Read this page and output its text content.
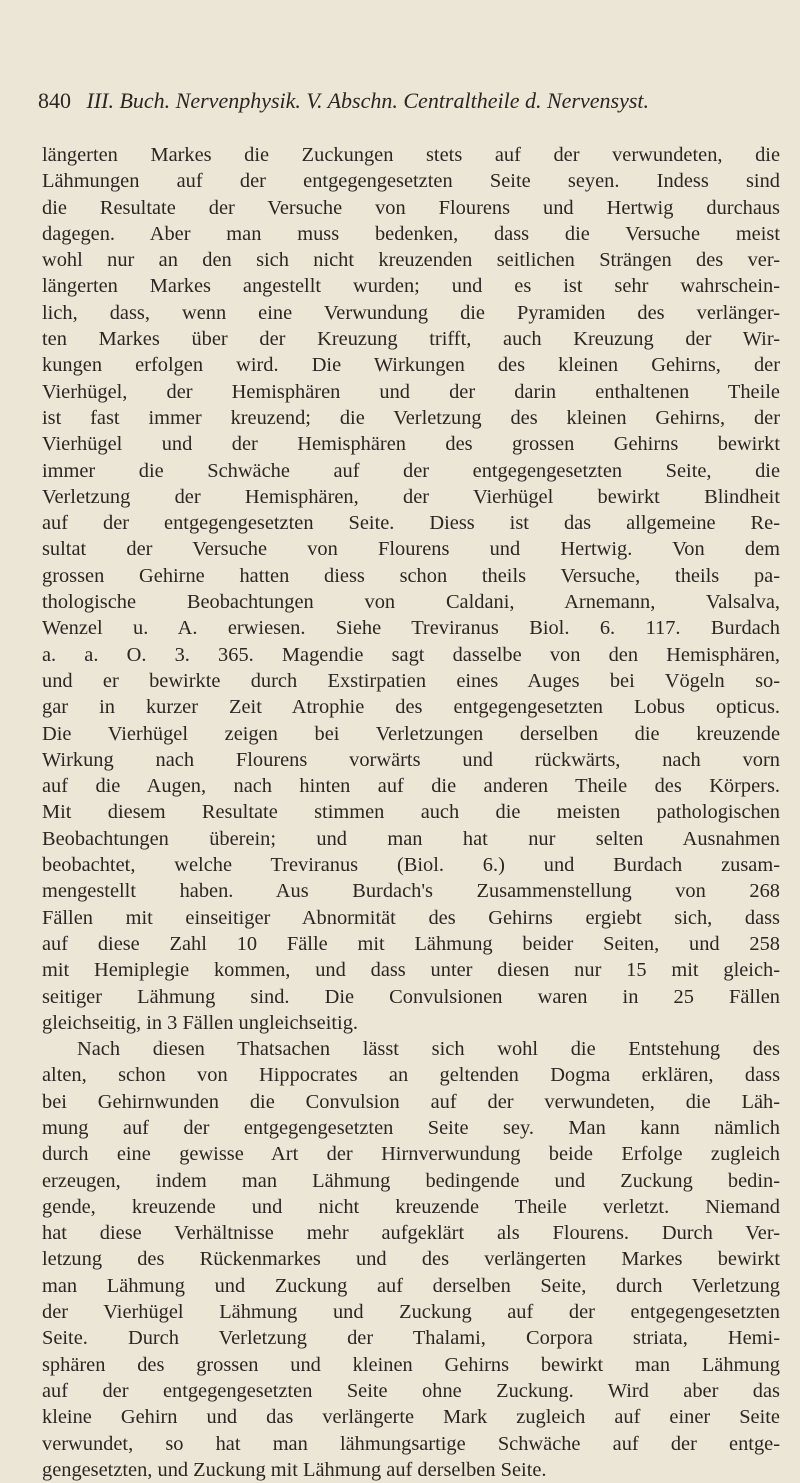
840 III. Buch. Nervenphysik. V. Abschn. Centraltheile d. Nervensyst.
längerten Markes die Zuckungen stets auf der verwundeten, die
Lähmungen auf der entgegengesetzten Seite seyen. Indess sind
die Resultate der Versuche von Flourens und Hertwig durchaus
dagegen. Aber man muss bedenken, dass die Versuche meist
wohl nur an den sich nicht kreuzenden seitlichen Strängen des ver-
längerten Markes angestellt wurden; und es ist sehr wahrschein-
lich, dass, wenn eine Verwundung die Pyramiden des verlänger-
ten Markes über der Kreuzung trifft, auch Kreuzung der Wir-
kungen erfolgen wird. Die Wirkungen des kleinen Gehirns, der
Vierhügel, der Hemisphären und der darin enthaltenen Theile
ist fast immer kreuzend; die Verletzung des kleinen Gehirns, der
Vierhügel und der Hemisphären des grossen Gehirns bewirkt
immer die Schwäche auf der entgegengesetzten Seite, die
Verletzung der Hemisphären, der Vierhügel bewirkt Blindheit
auf der entgegengesetzten Seite. Diess ist das allgemeine Re-
sultat der Versuche von Flourens und Hertwig. Von dem
grossen Gehirne hatten diess schon theils Versuche, theils pa-
thologische Beobachtungen von Caldani, Arnemann, Valsalva,
Wenzel u. A. erwiesen. Siehe Treviranus Biol. 6. 117. Burdach
a. a. O. 3. 365. Magendie sagt dasselbe von den Hemisphären,
und er bewirkte durch Exstirpatien eines Auges bei Vögeln so-
gar in kurzer Zeit Atrophie des entgegengesetzten Lobus opticus.
Die Vierhügel zeigen bei Verletzungen derselben die kreuzende
Wirkung nach Flourens vorwärts und rückwärts, nach vorn
auf die Augen, nach hinten auf die anderen Theile des Körpers.
Mit diesem Resultate stimmen auch die meisten pathologischen
Beobachtungen überein; und man hat nur selten Ausnahmen
beobachtet, welche Treviranus (Biol. 6.) und Burdach zusam-
mengestellt haben. Aus Burdach's Zusammenstellung von 268
Fällen mit einseitiger Abnormität des Gehirns ergiebt sich, dass
auf diese Zahl 10 Fälle mit Lähmung beider Seiten, und 258
mit Hemiplegie kommen, und dass unter diesen nur 15 mit gleich-
seitiger Lähmung sind. Die Convulsionen waren in 25 Fällen
gleichseitig, in 3 Fällen ungleichseitig.
Nach diesen Thatsachen lässt sich wohl die Entstehung des
alten, schon von Hippocrates an geltenden Dogma erklären, dass
bei Gehirnwunden die Convulsion auf der verwundeten, die Läh-
mung auf der entgegengesetzten Seite sey. Man kann nämlich
durch eine gewisse Art der Hirnverwundung beide Erfolge zugleich
erzeugen, indem man Lähmung bedingende und Zuckung bedin-
gende, kreuzende und nicht kreuzende Theile verletzt. Niemand
hat diese Verhältnisse mehr aufgeklärt als Flourens. Durch Ver-
letzung des Rückenmarkes und des verlängerten Markes bewirkt
man Lähmung und Zuckung auf derselben Seite, durch Verletzung
der Vierhügel Lähmung und Zuckung auf der entgegengesetzten
Seite. Durch Verletzung der Thalami, Corpora striata, Hemi-
sphären des grossen und kleinen Gehirns bewirkt man Lähmung
auf der entgegengesetzten Seite ohne Zuckung. Wird aber das
kleine Gehirn und das verlängerte Mark zugleich auf einer Seite
verwundet, so hat man lähmungsartige Schwäche auf der entge-
gengesetzten, und Zuckung mit Lähmung auf derselben Seite.
